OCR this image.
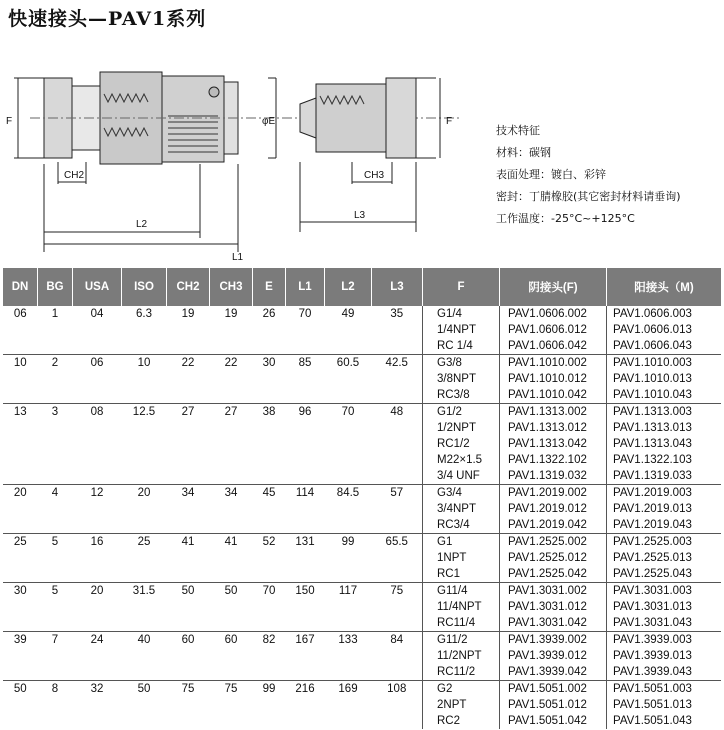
快速接头—PAV1系列
F
CH2
L2
L1
φE
CH3
L3
F
技术特征
材料：碳钢
表面处理：镀白、彩锌
密封：丁腈橡胶(其它密封材料请垂询)
工作温度：-25°C~+125°C
DN	BG	USA	ISO	CH2	CH3	E	L1	L2	L3	F	阴接头(F)	阳接头（M)
06	1	04	6.3	19	19	26	70	49	35	G1/4	PAV1.0606.002	PAV1.0606.003
										1/4NPT	PAV1.0606.012	PAV1.0606.013
										RC 1/4	PAV1.0606.042	PAV1.0606.043
10	2	06	10	22	22	30	85	60.5	42.5	G3/8	PAV1.1010.002	PAV1.1010.003
										3/8NPT	PAV1.1010.012	PAV1.1010.013
										RC3/8	PAV1.1010.042	PAV1.1010.043
13	3	08	12.5	27	27	38	96	70	48	G1/2	PAV1.1313.002	PAV1.1313.003
										1/2NPT	PAV1.1313.012	PAV1.1313.013
										RC1/2	PAV1.1313.042	PAV1.1313.043
										M22×1.5	PAV1.1322.102	PAV1.1322.103
										3/4 UNF	PAV1.1319.032	PAV1.1319.033
20	4	12	20	34	34	45	114	84.5	57	G3/4	PAV1.2019.002	PAV1.2019.003
										3/4NPT	PAV1.2019.012	PAV1.2019.013
										RC3/4	PAV1.2019.042	PAV1.2019.043
25	5	16	25	41	41	52	131	99	65.5	G1	PAV1.2525.002	PAV1.2525.003
										1NPT	PAV1.2525.012	PAV1.2525.013
										RC1	PAV1.2525.042	PAV1.2525.043
30	5	20	31.5	50	50	70	150	117	75	G11/4	PAV1.3031.002	PAV1.3031.003
										11/4NPT	PAV1.3031.012	PAV1.3031.013
										RC11/4	PAV1.3031.042	PAV1.3031.043
39	7	24	40	60	60	82	167	133	84	G11/2	PAV1.3939.002	PAV1.3939.003
										11/2NPT	PAV1.3939.012	PAV1.3939.013
										RC11/2	PAV1.3939.042	PAV1.3939.043
50	8	32	50	75	75	99	216	169	108	G2	PAV1.5051.002	PAV1.5051.003
										2NPT	PAV1.5051.012	PAV1.5051.013
										RC2	PAV1.5051.042	PAV1.5051.043
